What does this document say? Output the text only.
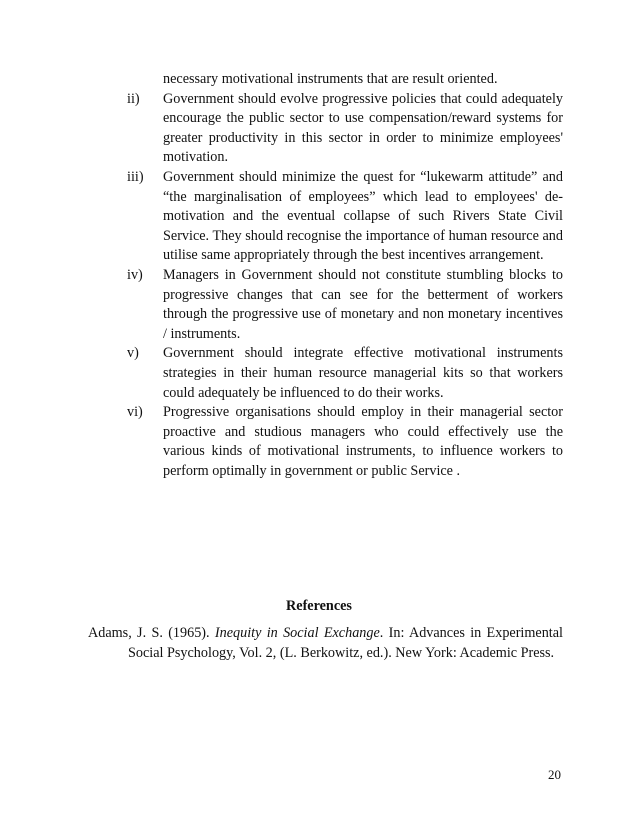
necessary motivational instruments that are result oriented.
ii)	Government should evolve progressive policies that could adequately encourage the public sector to use compensation/reward systems for greater productivity in this sector in order to minimize employees' motivation.
iii)	Government should minimize the quest for “lukewarm attitude” and “the marginalisation of employees” which lead to employees' de-motivation and the eventual collapse of such Rivers State Civil Service. They should recognise the importance of human resource and utilise same appropriately through the best incentives arrangement.
iv)	Managers in Government should not constitute stumbling blocks to progressive changes that can see for the betterment of workers through the progressive use of monetary and non monetary incentives / instruments.
v)	Government should integrate effective motivational instruments strategies in their human resource managerial kits so that workers could adequately be influenced to do their works.
vi)	Progressive organisations should employ in their managerial sector proactive and studious managers who could effectively use the various kinds of motivational instruments, to influence workers to perform optimally in government or public Service .
References
Adams, J. S. (1965). Inequity in Social Exchange. In: Advances in Experimental Social Psychology, Vol. 2, (L. Berkowitz, ed.). New York: Academic Press.
20
